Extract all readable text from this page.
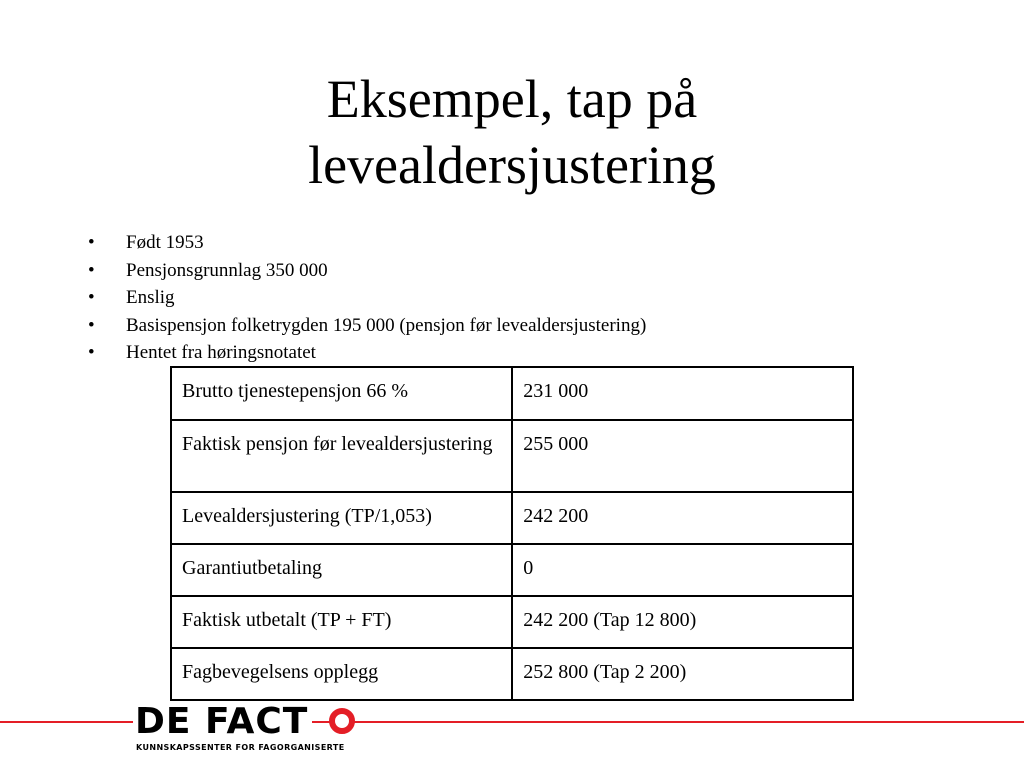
Eksempel, tap på
levealdersjustering
• Født 1953
• Pensjonsgrunnlag 350 000
• Enslig
• Basispensjon folketrygden 195 000 (pensjon før levealdersjustering)
• Hentet fra høringsnotatet
Brutto tjenestepensjon 66 %	231 000
Faktisk pensjon før levealdersjustering	255 000
Levealdersjustering (TP/1,053)	242 200
Garantiutbetaling	0
Faktisk utbetalt (TP + FT)	242 200 (Tap 12 800)
Fagbevegelsens opplegg	252 800 (Tap 2 200)
DE FACT
KUNNSKAPSSENTER FOR FAGORGANISERTE
